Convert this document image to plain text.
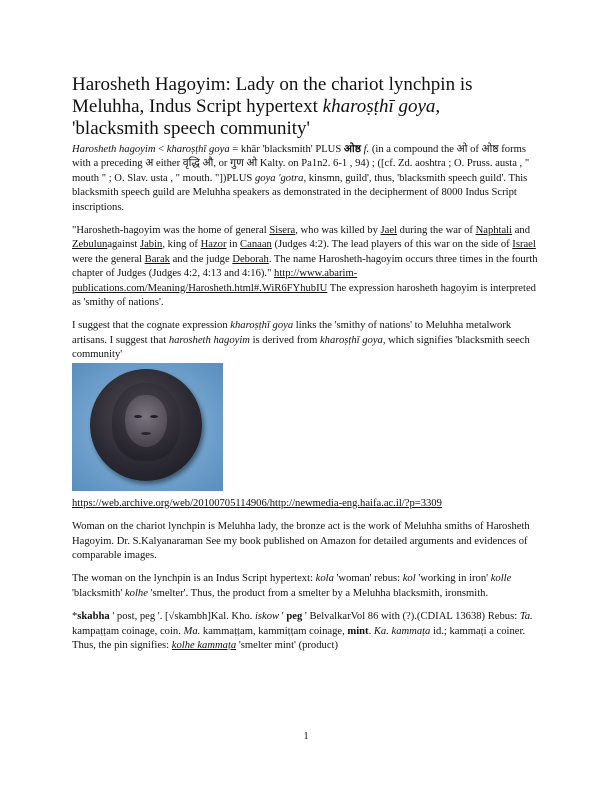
Harosheth Hagoyim: Lady on the chariot lynchpin is Meluhha, Indus Script hypertext kharoṣṭhī goya,
'blacksmith speech community'

Harosheth hagoyim < kharoṣṭhī goya = khār 'blacksmith' PLUS ओष्ठ f. (in a compound the ओ of ओष्ठ forms with a preceding अ either वृद्धि औ, or गुण ओ Kalty. on Pa1n2. 6-1 , 94) ; ([cf. Zd. aoshtra ; O. Pruss. austa , " mouth " ; O. Slav. usta , " mouth. "])PLUS goya 'gotra, kinsmn, guild', thus, 'blacksmith speech guild'. This blacksmith speech guild are Meluhha speakers as demonstrated in the decipherment of 8000 Indus Script inscriptions.

"Harosheth-hagoyim was the home of general Sisera, who was killed by Jael during the war of Naphtali and Zebulunagainst Jabin, king of Hazor in Canaan (Judges 4:2). The lead players of this war on the side of Israel were the general Barak and the judge Deborah. The name Harosheth-hagoyim occurs three times in the fourth chapter of Judges (Judges 4:2, 4:13 and 4:16)." http://www.abarim-publications.com/Meaning/Harosheth.html#.WiR6FYhubIU The expression harosheth hagoyim is interpreted as 'smithy of nations'.

I suggest that the cognate expression kharoṣṭhī goya links the 'smithy of nations' to Meluhha metalwork artisans. I suggest that harosheth hagoyim is derived from kharoṣṭhī goya, which signifies 'blacksmith seech community'

https://web.archive.org/web/20100705114906/http://newmedia-eng.haifa.ac.il/?p=3309

Woman on the chariot lynchpin is Meluhha lady, the bronze act is the work of Meluhha smiths of Harosheth Hagoyim. Dr. S.Kalyanaraman See my book published on Amazon for detailed arguments and evidences of comparable images.

The woman on the lynchpin is an Indus Script hypertext: kola 'woman' rebus: kol 'working in iron' kolle 'blacksmith' kolhe 'smelter'. Thus, the product from a smelter by a Meluhha blacksmith, ironsmith.

*skabha ' post, peg '. [√skambh]Kal. Kho. iskow ' peg ' BelvalkarVol 86 with (?).(CDIAL 13638) Rebus: Ta. kampaṭṭam coinage, coin. Ma. kammaṭṭam, kammiṭṭam coinage, mint. Ka. kammaṭa id.; kammaṭi a coiner. Thus, the pin signifies: kolhe kammaṭa 'smelter mint' (product)

1
